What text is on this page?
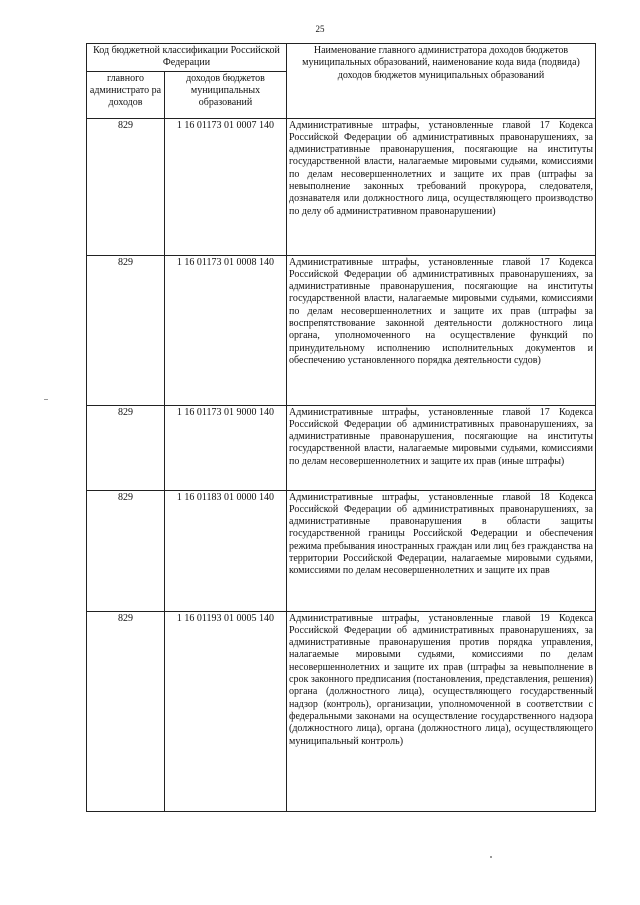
25
Код бюджетной классификации Российской Федерации		Наименование главного администратора доходов бюджетов муниципальных образований, наименование кода вида (подвида) доходов бюджетов муниципальных образований
главного администрато ра доходов	доходов бюджетов муниципальных образований	
829	1 16 01173 01 0007 140	Административные штрафы, установленные главой 17 Кодекса Российской Федерации об административных правонарушениях, за административные правонарушения, посягающие на институты государственной власти, налагаемые мировыми судьями, комиссиями по делам несовершеннолетних и защите их прав (штрафы за невыполнение законных требований прокурора, следователя, дознавателя или должностного лица, осуществляющего производство по делу об административном правонарушении)
829	1 16 01173 01 0008 140	Административные штрафы, установленные главой 17 Кодекса Российской Федерации об административных правонарушениях, за административные правонарушения, посягающие на институты государственной власти, налагаемые мировыми судьями, комиссиями по делам несовершеннолетних и защите их прав (штрафы за воспрепятствование законной деятельности должностного лица органа, уполномоченного на осуществление функций по принудительному исполнению исполнительных документов и обеспечению установленного порядка деятельности судов)
829	1 16 01173 01 9000 140	Административные штрафы, установленные главой 17 Кодекса Российской Федерации об административных правонарушениях, за административные правонарушения, посягающие на институты государственной власти, налагаемые мировыми судьями, комиссиями по делам несовершеннолетних и защите их прав (иные штрафы)
829	1 16 01183 01 0000 140	Административные штрафы, установленные главой 18 Кодекса Российской Федерации об административных правонарушениях, за административные правонарушения в области защиты государственной границы Российской Федерации и обеспечения режима пребывания иностранных граждан или лиц без гражданства на территории Российской Федерации, налагаемые мировыми судьями, комиссиями по делам несовершеннолетних и защите их прав
829	1 16 01193 01 0005 140	Административные штрафы, установленные главой 19 Кодекса Российской Федерации об административных правонарушениях, за административные правонарушения против порядка управления, налагаемые мировыми судьями, комиссиями по делам несовершеннолетних и защите их прав (штрафы за невыполнение в срок законного предписания (постановления, представления, решения) органа (должностного лица), осуществляющего государственный надзор (контроль), организации, уполномоченной в соответствии с федеральными законами на осуществление государственного надзора (должностного лица), органа (должностного лица), осуществляющего муниципальный контроль)
